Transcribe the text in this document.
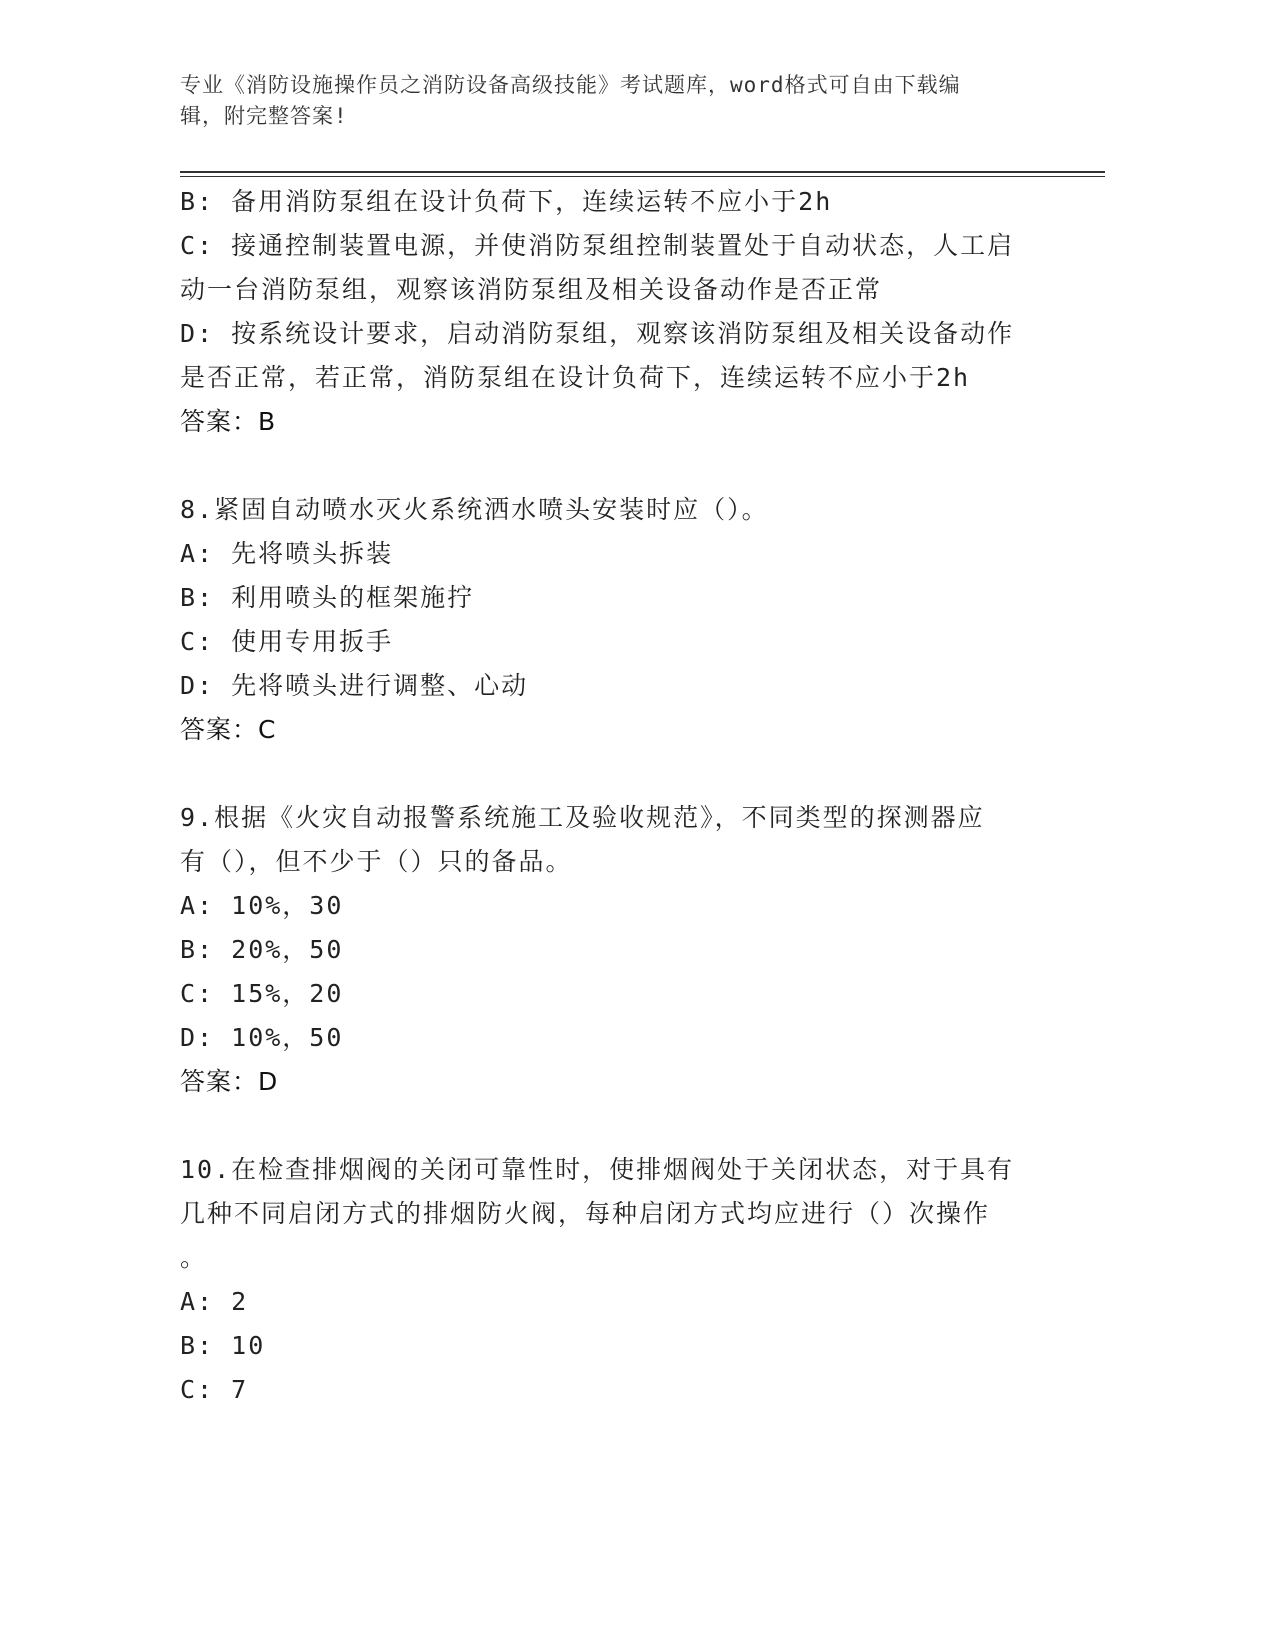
专业《消防设施操作员之消防设备高级技能》考试题库，word格式可自由下载编
辑，附完整答案!
B: 备用消防泵组在设计负荷下，连续运转不应小于2h
C: 接通控制装置电源，并使消防泵组控制装置处于自动状态，人工启
动一台消防泵组，观察该消防泵组及相关设备动作是否正常
D: 按系统设计要求，启动消防泵组，观察该消防泵组及相关设备动作
是否正常，若正常，消防泵组在设计负荷下，连续运转不应小于2h
答案：B
8.紧固自动喷水灭火系统洒水喷头安装时应（）。
A: 先将喷头拆装
B: 利用喷头的框架施拧
C: 使用专用扳手
D: 先将喷头进行调整、心动
答案：C
9.根据《火灾自动报警系统施工及验收规范》，不同类型的探测器应
有（），但不少于（）只的备品。
A: 10%，30
B: 20%，50
C: 15%，20
D: 10%，50
答案：D
10.在检查排烟阀的关闭可靠性时，使排烟阀处于关闭状态，对于具有
几种不同启闭方式的排烟防火阀，每种启闭方式均应进行（）次操作
。
A: 2
B: 10
C: 7
